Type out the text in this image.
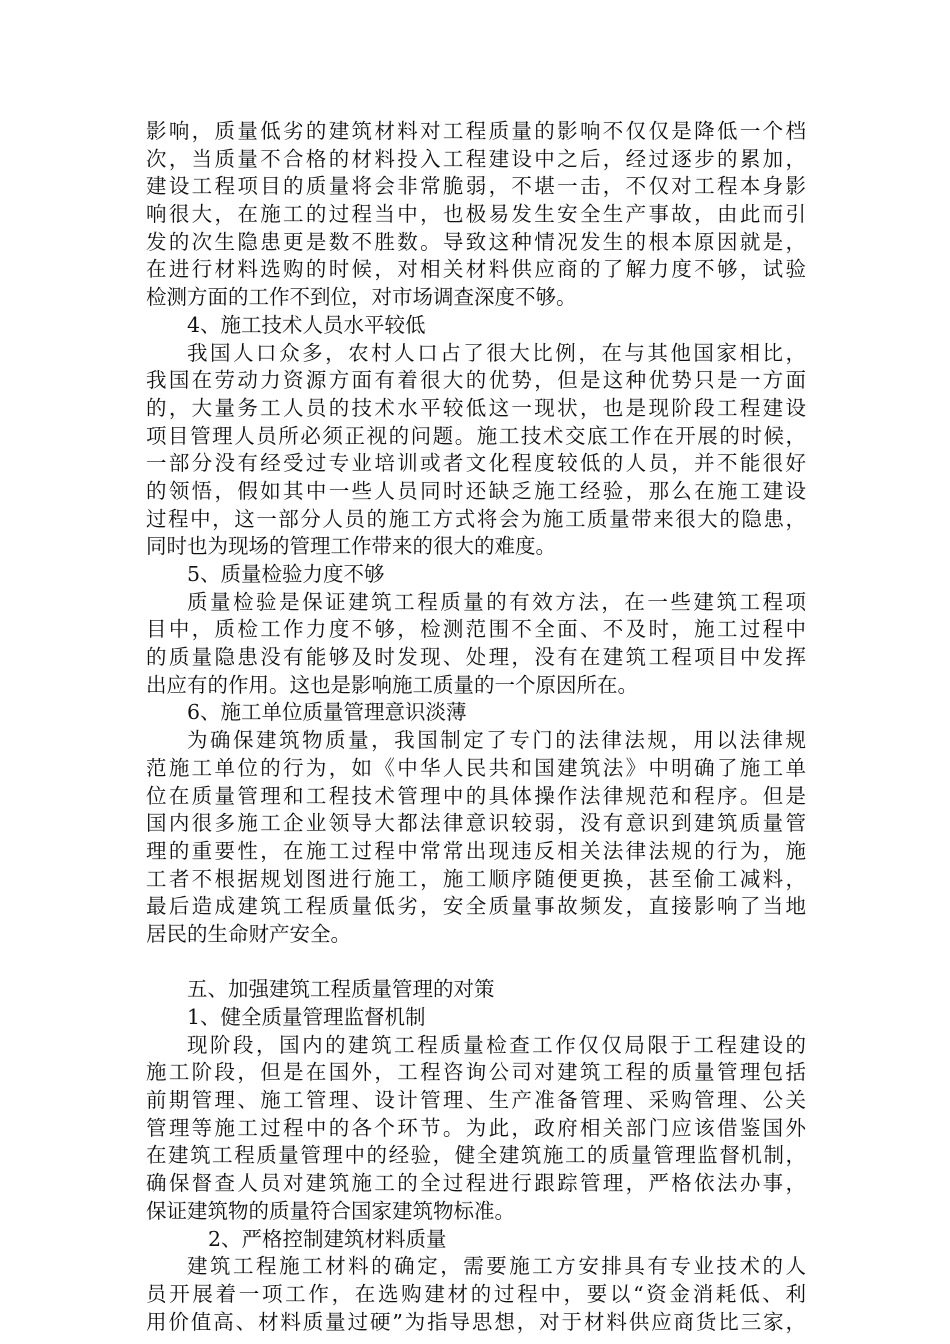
影响，质量低劣的建筑材料对工程质量的影响不仅仅是降低一个档
次，当质量不合格的材料投入工程建设中之后，经过逐步的累加，
建设工程项目的质量将会非常脆弱，不堪一击，不仅对工程本身影
响很大，在施工的过程当中，也极易发生安全生产事故，由此而引
发的次生隐患更是数不胜数。导致这种情况发生的根本原因就是，
在进行材料选购的时候，对相关材料供应商的了解力度不够，试验
检测方面的工作不到位，对市场调查深度不够。
4、施工技术人员水平较低
我国人口众多，农村人口占了很大比例，在与其他国家相比，
我国在劳动力资源方面有着很大的优势，但是这种优势只是一方面
的，大量务工人员的技术水平较低这一现状，也是现阶段工程建设
项目管理人员所必须正视的问题。施工技术交底工作在开展的时候，
一部分没有经受过专业培训或者文化程度较低的人员，并不能很好
的领悟，假如其中一些人员同时还缺乏施工经验，那么在施工建设
过程中，这一部分人员的施工方式将会为施工质量带来很大的隐患，
同时也为现场的管理工作带来的很大的难度。
5、质量检验力度不够
质量检验是保证建筑工程质量的有效方法，在一些建筑工程项
目中，质检工作力度不够，检测范围不全面、不及时，施工过程中
的质量隐患没有能够及时发现、处理，没有在建筑工程项目中发挥
出应有的作用。这也是影响施工质量的一个原因所在。
6、施工单位质量管理意识淡薄
为确保建筑物质量，我国制定了专门的法律法规，用以法律规
范施工单位的行为，如《中华人民共和国建筑法》中明确了施工单
位在质量管理和工程技术管理中的具体操作法律规范和程序。但是
国内很多施工企业领导大都法律意识较弱，没有意识到建筑质量管
理的重要性，在施工过程中常常出现违反相关法律法规的行为，施
工者不根据规划图进行施工，施工顺序随便更换，甚至偷工减料，
最后造成建筑工程质量低劣，安全质量事故频发，直接影响了当地
居民的生命财产安全。
五、加强建筑工程质量管理的对策
1、健全质量管理监督机制
现阶段，国内的建筑工程质量检查工作仅仅局限于工程建设的
施工阶段，但是在国外，工程咨询公司对建筑工程的质量管理包括
前期管理、施工管理、设计管理、生产准备管理、采购管理、公关
管理等施工过程中的各个环节。为此，政府相关部门应该借鉴国外
在建筑工程质量管理中的经验，健全建筑施工的质量管理监督机制，
确保督查人员对建筑施工的全过程进行跟踪管理，严格依法办事，
保证建筑物的质量符合国家建筑物标准。
2、严格控制建筑材料质量
建筑工程施工材料的确定，需要施工方安排具有专业技术的人
员开展着一项工作，在选购建材的过程中，要以“资金消耗低、利
用价值高、材料质量过硬”为指导思想，对于材料供应商货比三家，
